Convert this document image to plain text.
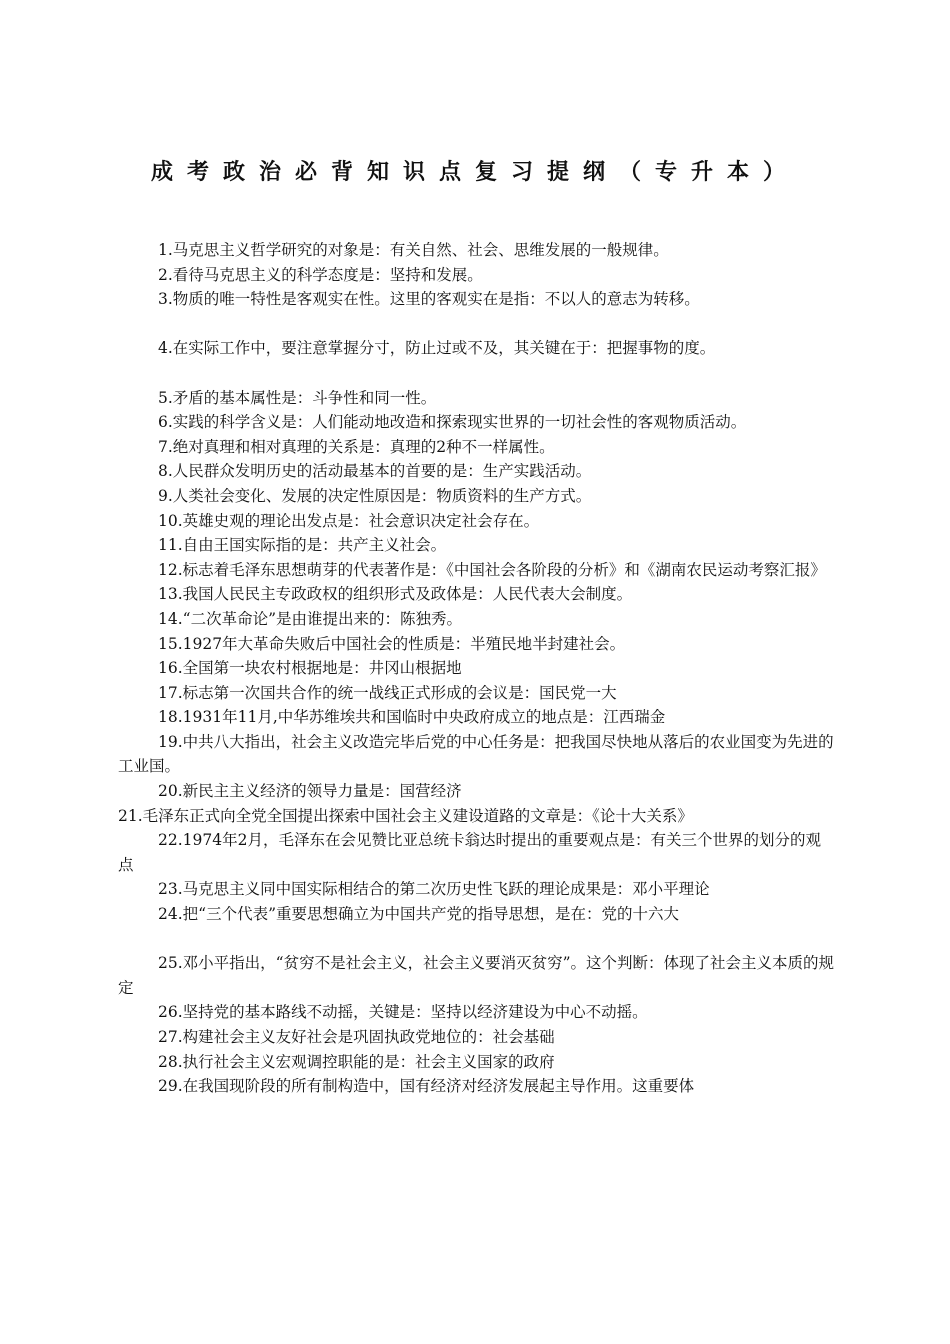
成考政治必背知识点复习提纲（专升本）

1.马克思主义哲学研究的对象是：有关自然、社会、思维发展的一般规律。

2.看待马克思主义的科学态度是：坚持和发展。

3.物质的唯一特性是客观实在性。这里的客观实在是指：不以人的意志为转移。

4.在实际工作中，要注意掌握分寸，防止过或不及，其关键在于：把握事物的度。

5.矛盾的基本属性是：斗争性和同一性。

6.实践的科学含义是：人们能动地改造和探索现实世界的一切社会性的客观物质活动。

7.绝对真理和相对真理的关系是：真理的2种不一样属性。

8.人民群众发明历史的活动最基本的首要的是：生产实践活动。

9.人类社会变化、发展的决定性原因是：物质资料的生产方式。

10.英雄史观的理论出发点是：社会意识决定社会存在。

11.自由王国实际指的是：共产主义社会。

12.标志着毛泽东思想萌芽的代表著作是：《中国社会各阶段的分析》和《湖南农民运动考察汇报》

13.我国人民民主专政政权的组织形式及政体是：人民代表大会制度。

14.“二次革命论”是由谁提出来的：陈独秀。

15.1927年大革命失败后中国社会的性质是：半殖民地半封建社会。

16.全国第一块农村根据地是：井冈山根据地

17.标志第一次国共合作的统一战线正式形成的会议是：国民党一大

18.1931年11月,中华苏维埃共和国临时中央政府成立的地点是：江西瑞金

19.中共八大指出，社会主义改造完毕后党的中心任务是：把我国尽快地从落后的农业国变为先进的工业国。

20.新民主主义经济的领导力量是：国营经济

21.毛泽东正式向全党全国提出探索中国社会主义建设道路的文章是：《论十大关系》

22.1974年2月，毛泽东在会见赞比亚总统卡翁达时提出的重要观点是：有关三个世界的划分的观点

23.马克思主义同中国实际相结合的第二次历史性飞跃的理论成果是：邓小平理论

24.把“三个代表”重要思想确立为中国共产党的指导思想，是在：党的十六大

25.邓小平指出，“贫穷不是社会主义，社会主义要消灭贫穷”。这个判断：体现了社会主义本质的规定

26.坚持党的基本路线不动摇，关键是：坚持以经济建设为中心不动摇。

27.构建社会主义友好社会是巩固执政党地位的：社会基础

28.执行社会主义宏观调控职能的是：社会主义国家的政府

29.在我国现阶段的所有制构造中，国有经济对经济发展起主导作用。这重要体
